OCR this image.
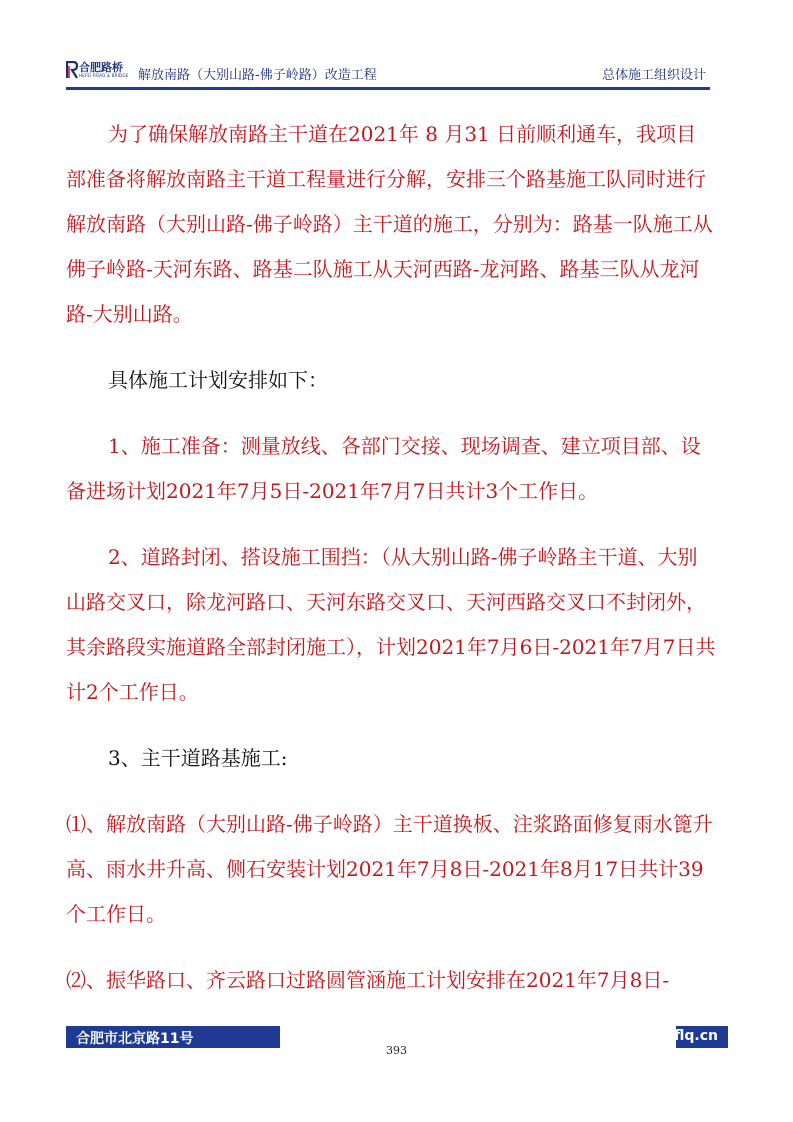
合肥路桥
HEFEI ROAD & BRIDGE 解放南路（大别山路-佛子岭路）改造工程	总体施工组织设计

为了确保解放南路主干道在2021年 8 月31 日前顺利通车，我项目部准备将解放南路主干道工程量进行分解，安排三个路基施工队同时进行解放南路（大别山路-佛子岭路）主干道的施工，分别为：路基一队施工从佛子岭路-天河东路、路基二队施工从天河西路-龙河路、路基三队从龙河路-大别山路。

具体施工计划安排如下：

1、施工准备：测量放线、各部门交接、现场调查、建立项目部、设备进场计划2021年7月5日-2021年7月7日共计3个工作日。

2、道路封闭、搭设施工围挡：（从大别山路-佛子岭路主干道、大别山路交叉口，除龙河路口、天河东路交叉口、天河西路交叉口不封闭外，其余路段实施道路全部封闭施工），计划2021年7月6日-2021年7月7日共计2个工作日。

3、主干道路基施工:

⑴、解放南路（大别山路-佛子岭路）主干道换板、注浆路面修复雨水篦升高、雨水井升高、侧石安装计划2021年7月8日-2021年8月17日共计39个工作日。

⑵、振华路口、齐云路口过路圆管涵施工计划安排在2021年7月8日-

合肥市北京路11号	www.hflq.cn
393
